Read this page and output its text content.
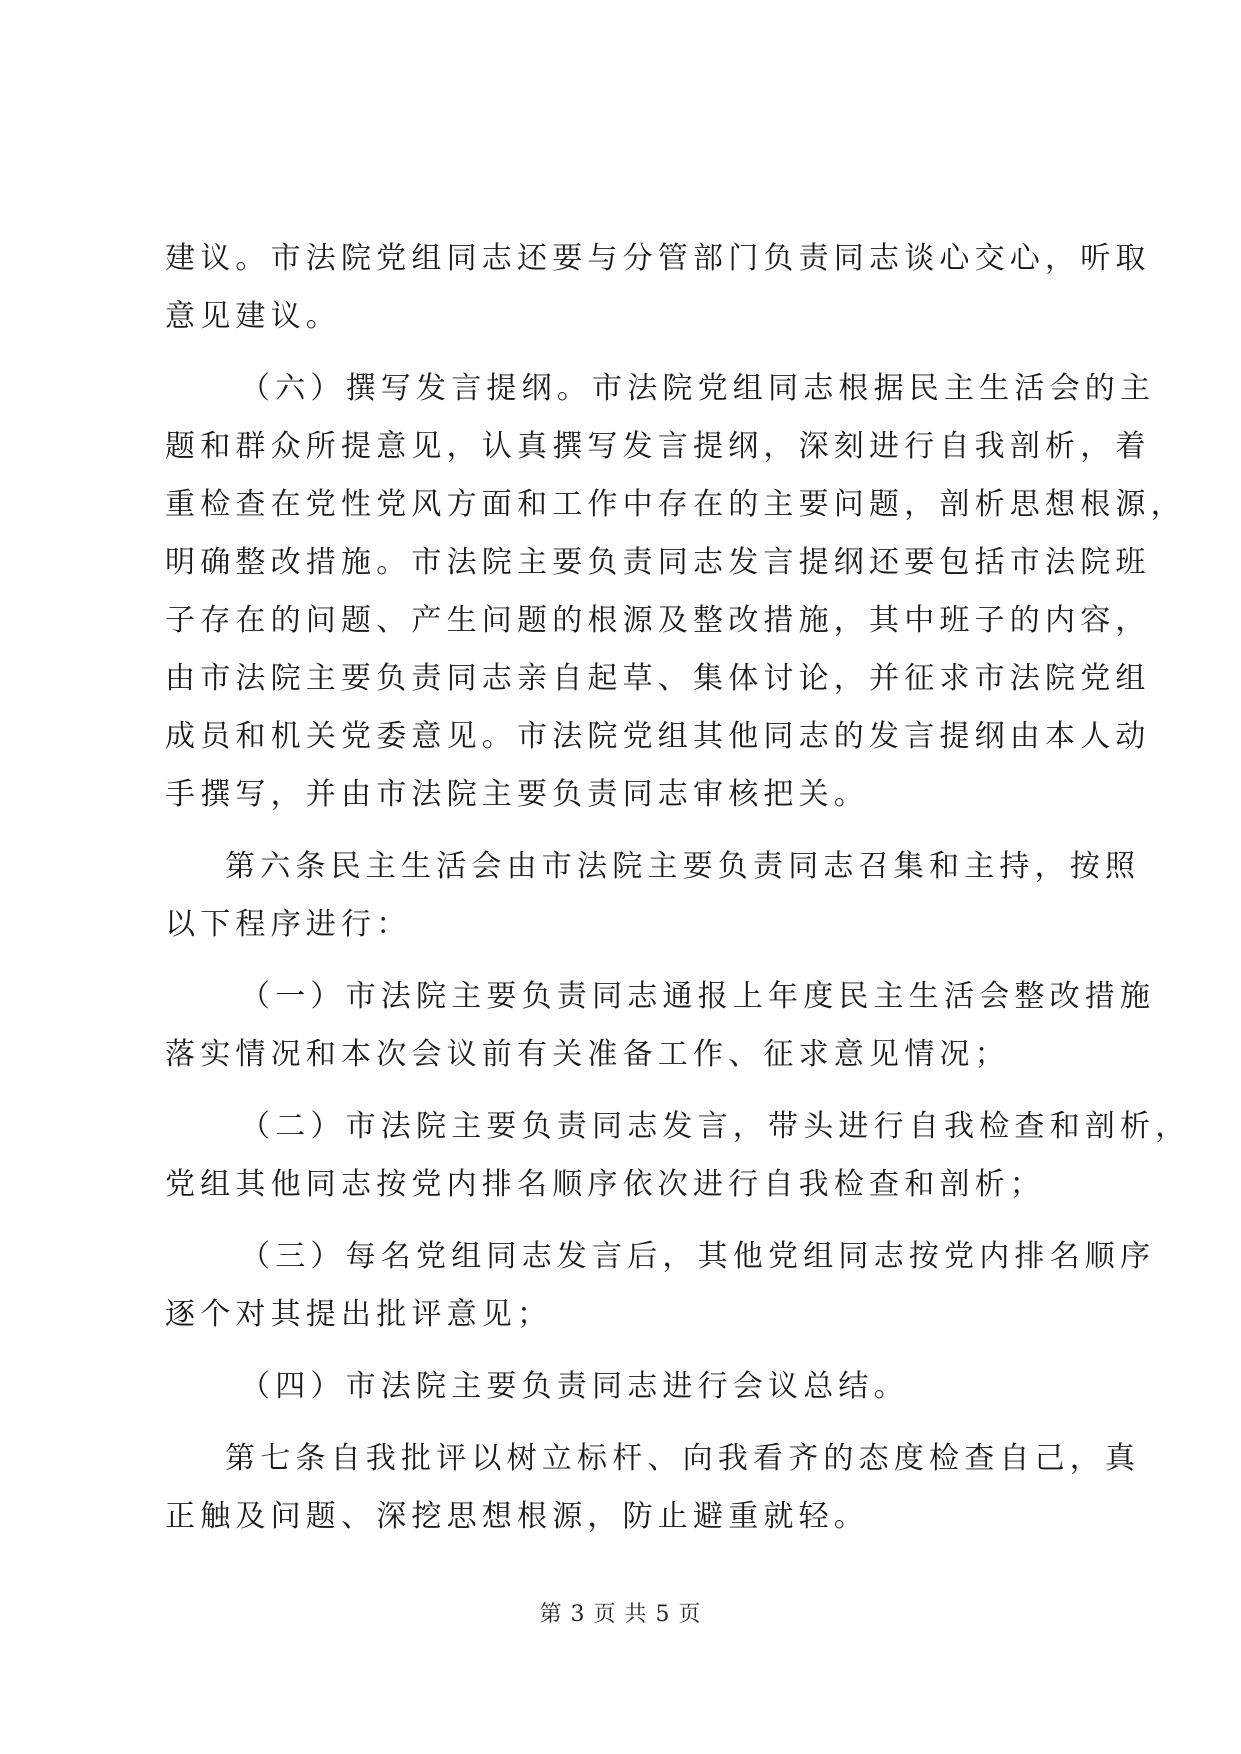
建议。市法院党组同志还要与分管部门负责同志谈心交心，听取
意见建议。
（六）撰写发言提纲。市法院党组同志根据民主生活会的主
题和群众所提意见，认真撰写发言提纲，深刻进行自我剖析，着
重检查在党性党风方面和工作中存在的主要问题，剖析思想根源，
明确整改措施。市法院主要负责同志发言提纲还要包括市法院班
子存在的问题、产生问题的根源及整改措施，其中班子的内容，
由市法院主要负责同志亲自起草、集体讨论，并征求市法院党组
成员和机关党委意见。市法院党组其他同志的发言提纲由本人动
手撰写，并由市法院主要负责同志审核把关。
第六条民主生活会由市法院主要负责同志召集和主持，按照
以下程序进行：
（一）市法院主要负责同志通报上年度民主生活会整改措施
落实情况和本次会议前有关准备工作、征求意见情况；
（二）市法院主要负责同志发言，带头进行自我检查和剖析，
党组其他同志按党内排名顺序依次进行自我检查和剖析；
（三）每名党组同志发言后，其他党组同志按党内排名顺序
逐个对其提出批评意见；
（四）市法院主要负责同志进行会议总结。
第七条自我批评以树立标杆、向我看齐的态度检查自己，真
正触及问题、深挖思想根源，防止避重就轻。
第 3 页 共 5 页
